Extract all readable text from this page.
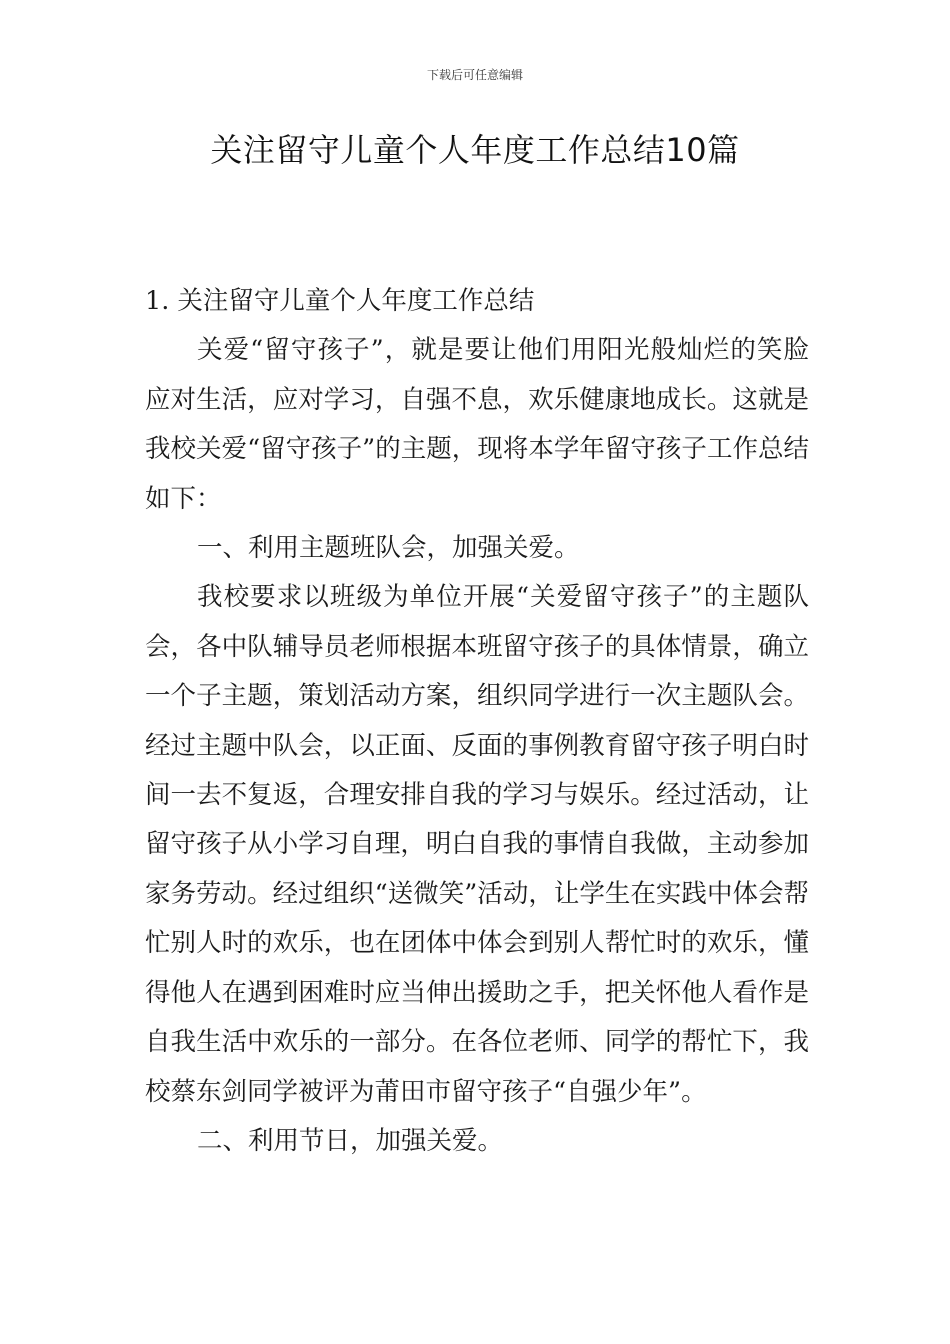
下载后可任意编辑
关注留守儿童个人年度工作总结10篇

1. 关注留守儿童个人年度工作总结

关爱“留守孩子”，就是要让他们用阳光般灿烂的笑脸应对生活，应对学习，自强不息，欢乐健康地成长。这就是我校关爱“留守孩子”的主题，现将本学年留守孩子工作总结如下：

一、利用主题班队会，加强关爱。

我校要求以班级为单位开展“关爱留守孩子”的主题队会，各中队辅导员老师根据本班留守孩子的具体情景，确立一个子主题，策划活动方案，组织同学进行一次主题队会。经过主题中队会，以正面、反面的事例教育留守孩子明白时间一去不复返，合理安排自我的学习与娱乐。经过活动，让留守孩子从小学习自理，明白自我的事情自我做，主动参加家务劳动。经过组织“送微笑”活动，让学生在实践中体会帮忙别人时的欢乐，也在团体中体会到别人帮忙时的欢乐，懂得他人在遇到困难时应当伸出援助之手，把关怀他人看作是自我生活中欢乐的一部分。在各位老师、同学的帮忙下，我校蔡东剑同学被评为莆田市留守孩子“自强少年”。

二、利用节日，加强关爱。
